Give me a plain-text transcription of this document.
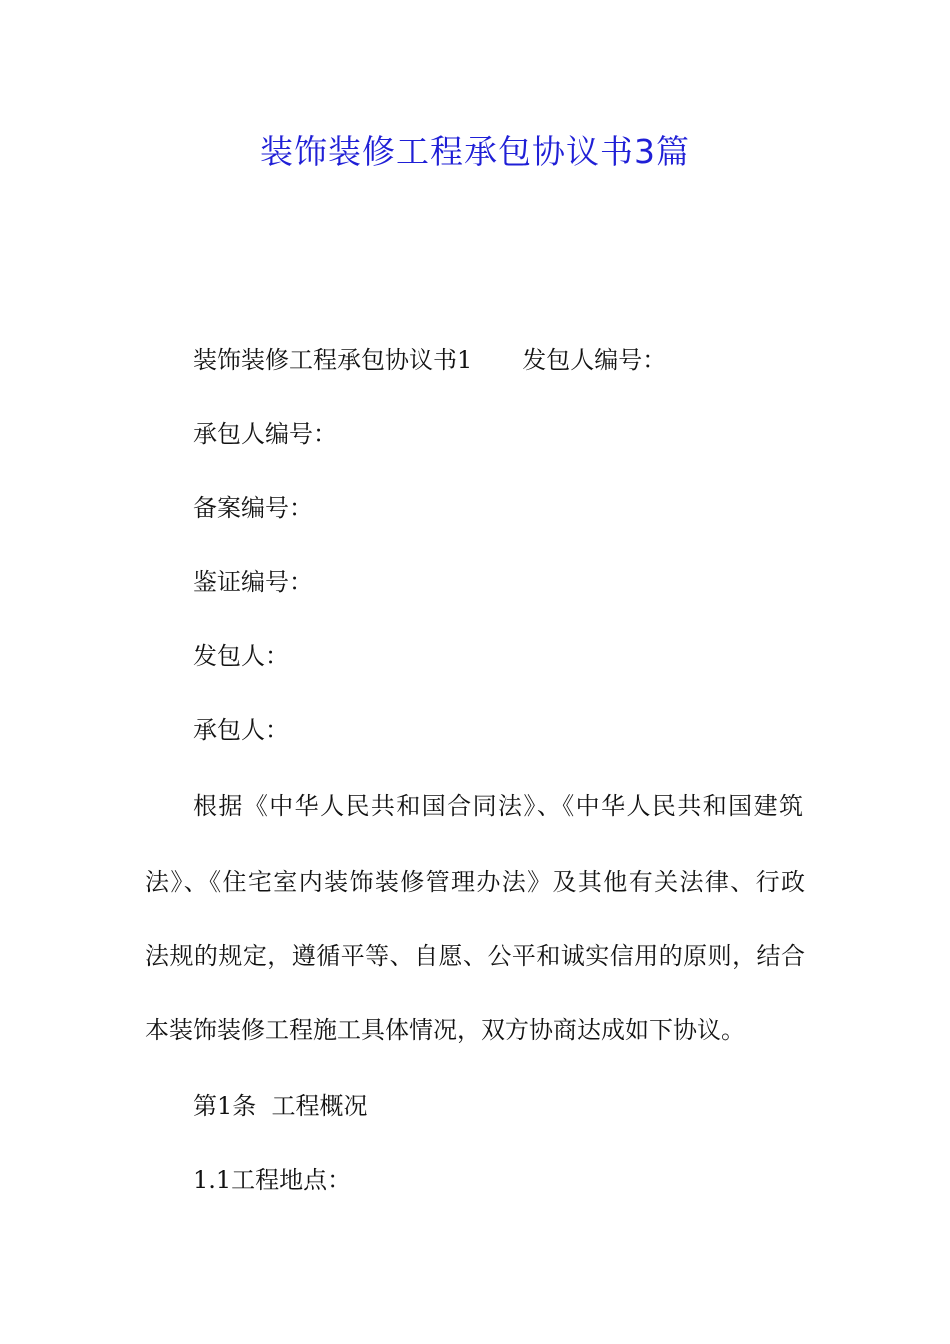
装饰装修工程承包协议书3篇
装饰装修工程承包协议书1 发包人编号：
承包人编号：
备案编号：
鉴证编号：
发包人：
承包人：
根据《中华人民共和国合同法》、《中华人民共和国建筑
法》、《住宅室内装饰装修管理办法》及其他有关法律、行政
法规的规定，遵循平等、自愿、公平和诚实信用的原则，结合
本装饰装修工程施工具体情况，双方协商达成如下协议。
第1条  工程概况
1.1工程地点：
